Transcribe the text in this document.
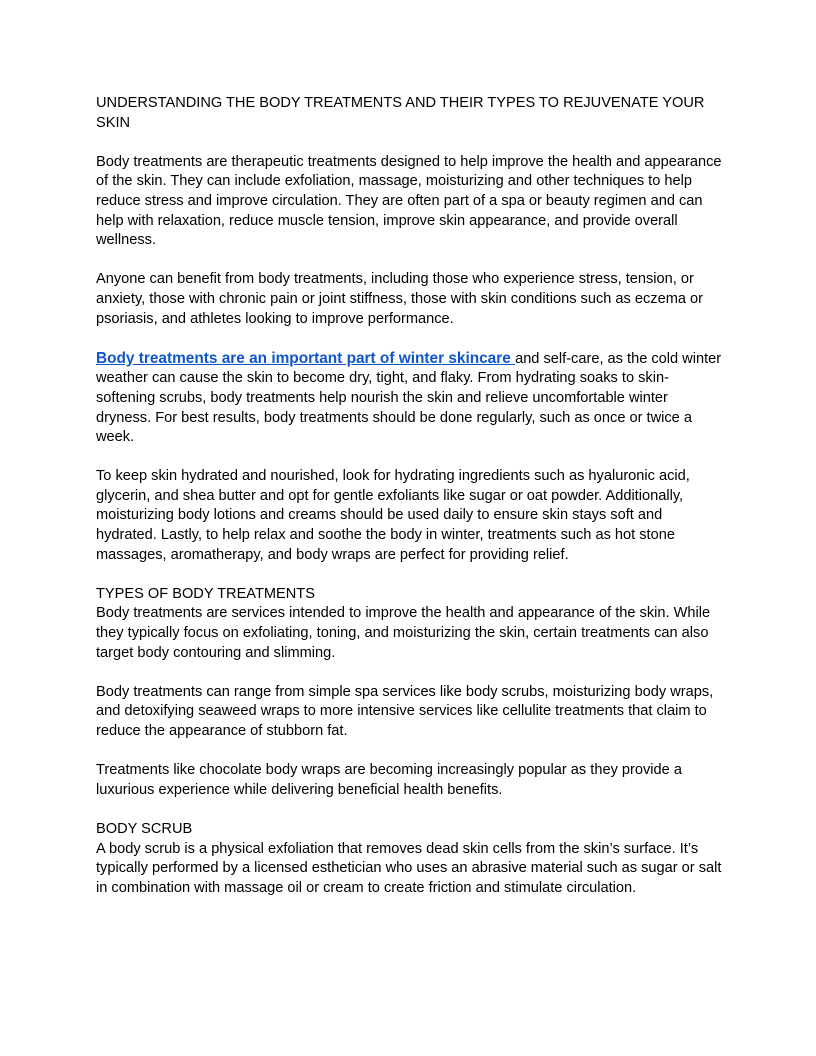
UNDERSTANDING THE BODY TREATMENTS AND THEIR TYPES TO REJUVENATE YOUR SKIN

Body treatments are therapeutic treatments designed to help improve the health and appearance of the skin. They can include exfoliation, massage, moisturizing and other techniques to help reduce stress and improve circulation. They are often part of a spa or beauty regimen and can help with relaxation, reduce muscle tension, improve skin appearance, and provide overall wellness.

Anyone can benefit from body treatments, including those who experience stress, tension, or anxiety, those with chronic pain or joint stiffness, those with skin conditions such as eczema or psoriasis, and athletes looking to improve performance.

Body treatments are an important part of winter skincare and self-care, as the cold winter weather can cause the skin to become dry, tight, and flaky. From hydrating soaks to skin-softening scrubs, body treatments help nourish the skin and relieve uncomfortable winter dryness. For best results, body treatments should be done regularly, such as once or twice a week.

To keep skin hydrated and nourished, look for hydrating ingredients such as hyaluronic acid, glycerin, and shea butter and opt for gentle exfoliants like sugar or oat powder. Additionally, moisturizing body lotions and creams should be used daily to ensure skin stays soft and hydrated. Lastly, to help relax and soothe the body in winter, treatments such as hot stone massages, aromatherapy, and body wraps are perfect for providing relief.

TYPES OF BODY TREATMENTS

Body treatments are services intended to improve the health and appearance of the skin. While they typically focus on exfoliating, toning, and moisturizing the skin, certain treatments can also target body contouring and slimming.

Body treatments can range from simple spa services like body scrubs, moisturizing body wraps, and detoxifying seaweed wraps to more intensive services like cellulite treatments that claim to reduce the appearance of stubborn fat.

Treatments like chocolate body wraps are becoming increasingly popular as they provide a luxurious experience while delivering beneficial health benefits.

BODY SCRUB

A body scrub is a physical exfoliation that removes dead skin cells from the skin’s surface. It’s typically performed by a licensed esthetician who uses an abrasive material such as sugar or salt in combination with massage oil or cream to create friction and stimulate circulation.
